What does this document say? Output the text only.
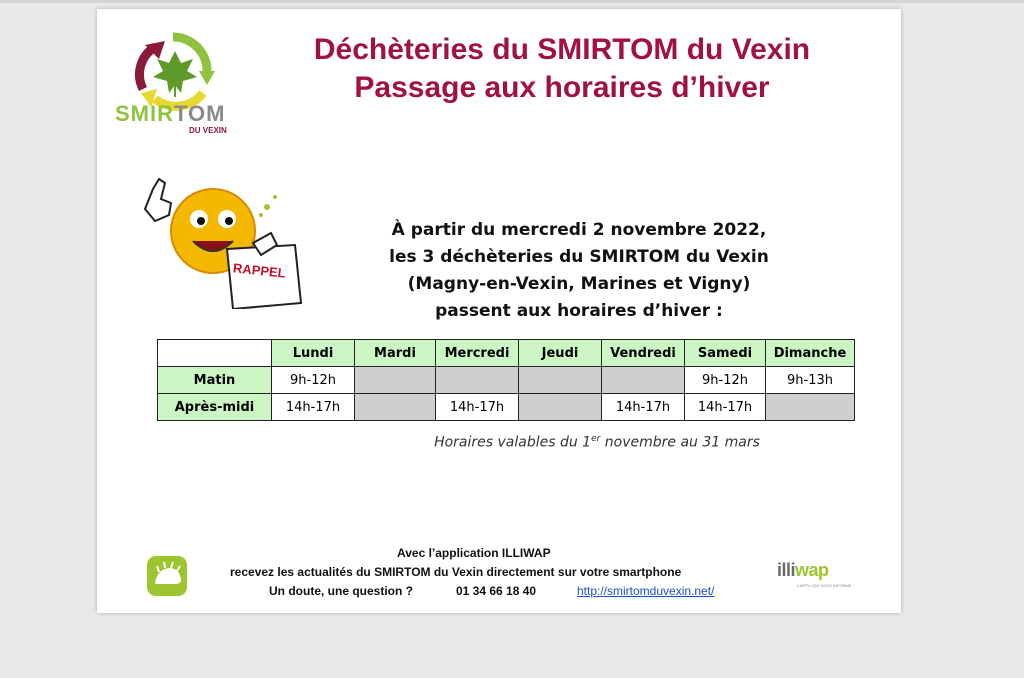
SMIRTOM
DU VEXIN
Déchèteries du SMIRTOM du Vexin
Passage aux horaires d’hiver
RAPPEL
À partir du mercredi 2 novembre 2022,
les 3 déchèteries du SMIRTOM du Vexin
(Magny-en-Vexin, Marines et Vigny)
passent aux horaires d’hiver :
	Lundi	Mardi	Mercredi	Jeudi	Vendredi	Samedi	Dimanche
Matin	9h-12h					9h-12h	9h-13h
Après-midi	14h-17h		14h-17h		14h-17h	14h-17h	
Horaires valables du 1er novembre au 31 mars
Avec l’application ILLIWAP
recevez les actualités du SMIRTOM du Vexin directement sur votre smartphone
Un doute, une question ?	01 34 66 18 40	http://smirtomduvexin.net/
illiwap
L’APPLI QUI VOUS INFORME
